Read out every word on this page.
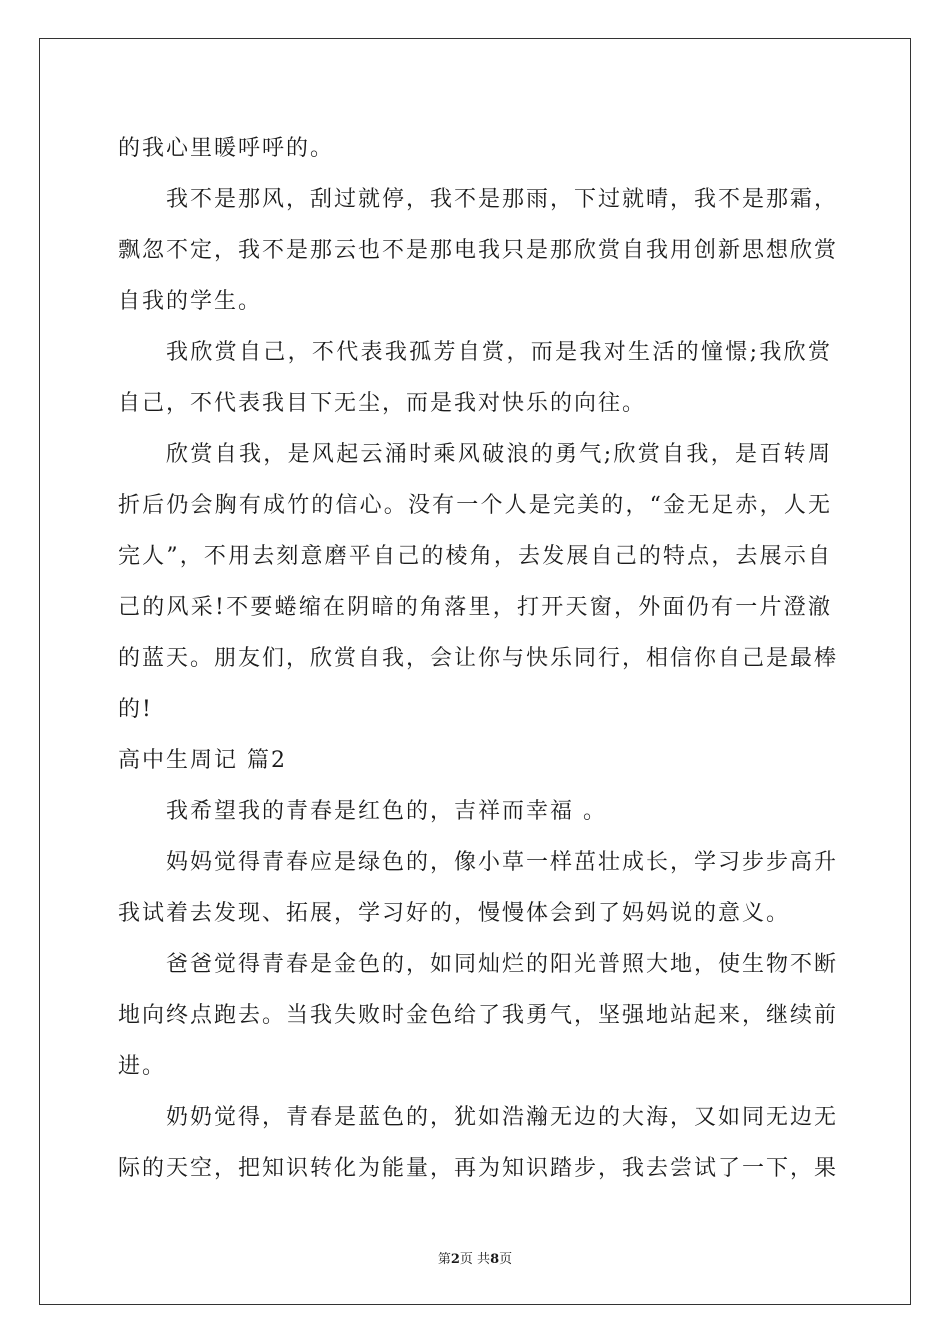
的我心里暖呼呼的。
我不是那风，刮过就停，我不是那雨，下过就晴，我不是那霜，
飘忽不定，我不是那云也不是那电我只是那欣赏自我用创新思想欣赏
自我的学生。
我欣赏自己，不代表我孤芳自赏，而是我对生活的憧憬;我欣赏
自己，不代表我目下无尘，而是我对快乐的向往。
欣赏自我，是风起云涌时乘风破浪的勇气;欣赏自我，是百转周
折后仍会胸有成竹的信心。没有一个人是完美的，“金无足赤，人无
完人”，不用去刻意磨平自己的棱角，去发展自己的特点，去展示自
己的风采!不要蜷缩在阴暗的角落里，打开天窗，外面仍有一片澄澈
的蓝天。朋友们，欣赏自我，会让你与快乐同行，相信你自己是最棒
的!
高中生周记 篇2
我希望我的青春是红色的，吉祥而幸福 。
妈妈觉得青春应是绿色的，像小草一样茁壮成长，学习步步高升
我试着去发现、拓展，学习好的，慢慢体会到了妈妈说的意义。
爸爸觉得青春是金色的，如同灿烂的阳光普照大地，使生物不断
地向终点跑去。当我失败时金色给了我勇气，坚强地站起来，继续前
进。
奶奶觉得，青春是蓝色的，犹如浩瀚无边的大海，又如同无边无
际的天空，把知识转化为能量，再为知识踏步，我去尝试了一下，果
第2页 共8页
